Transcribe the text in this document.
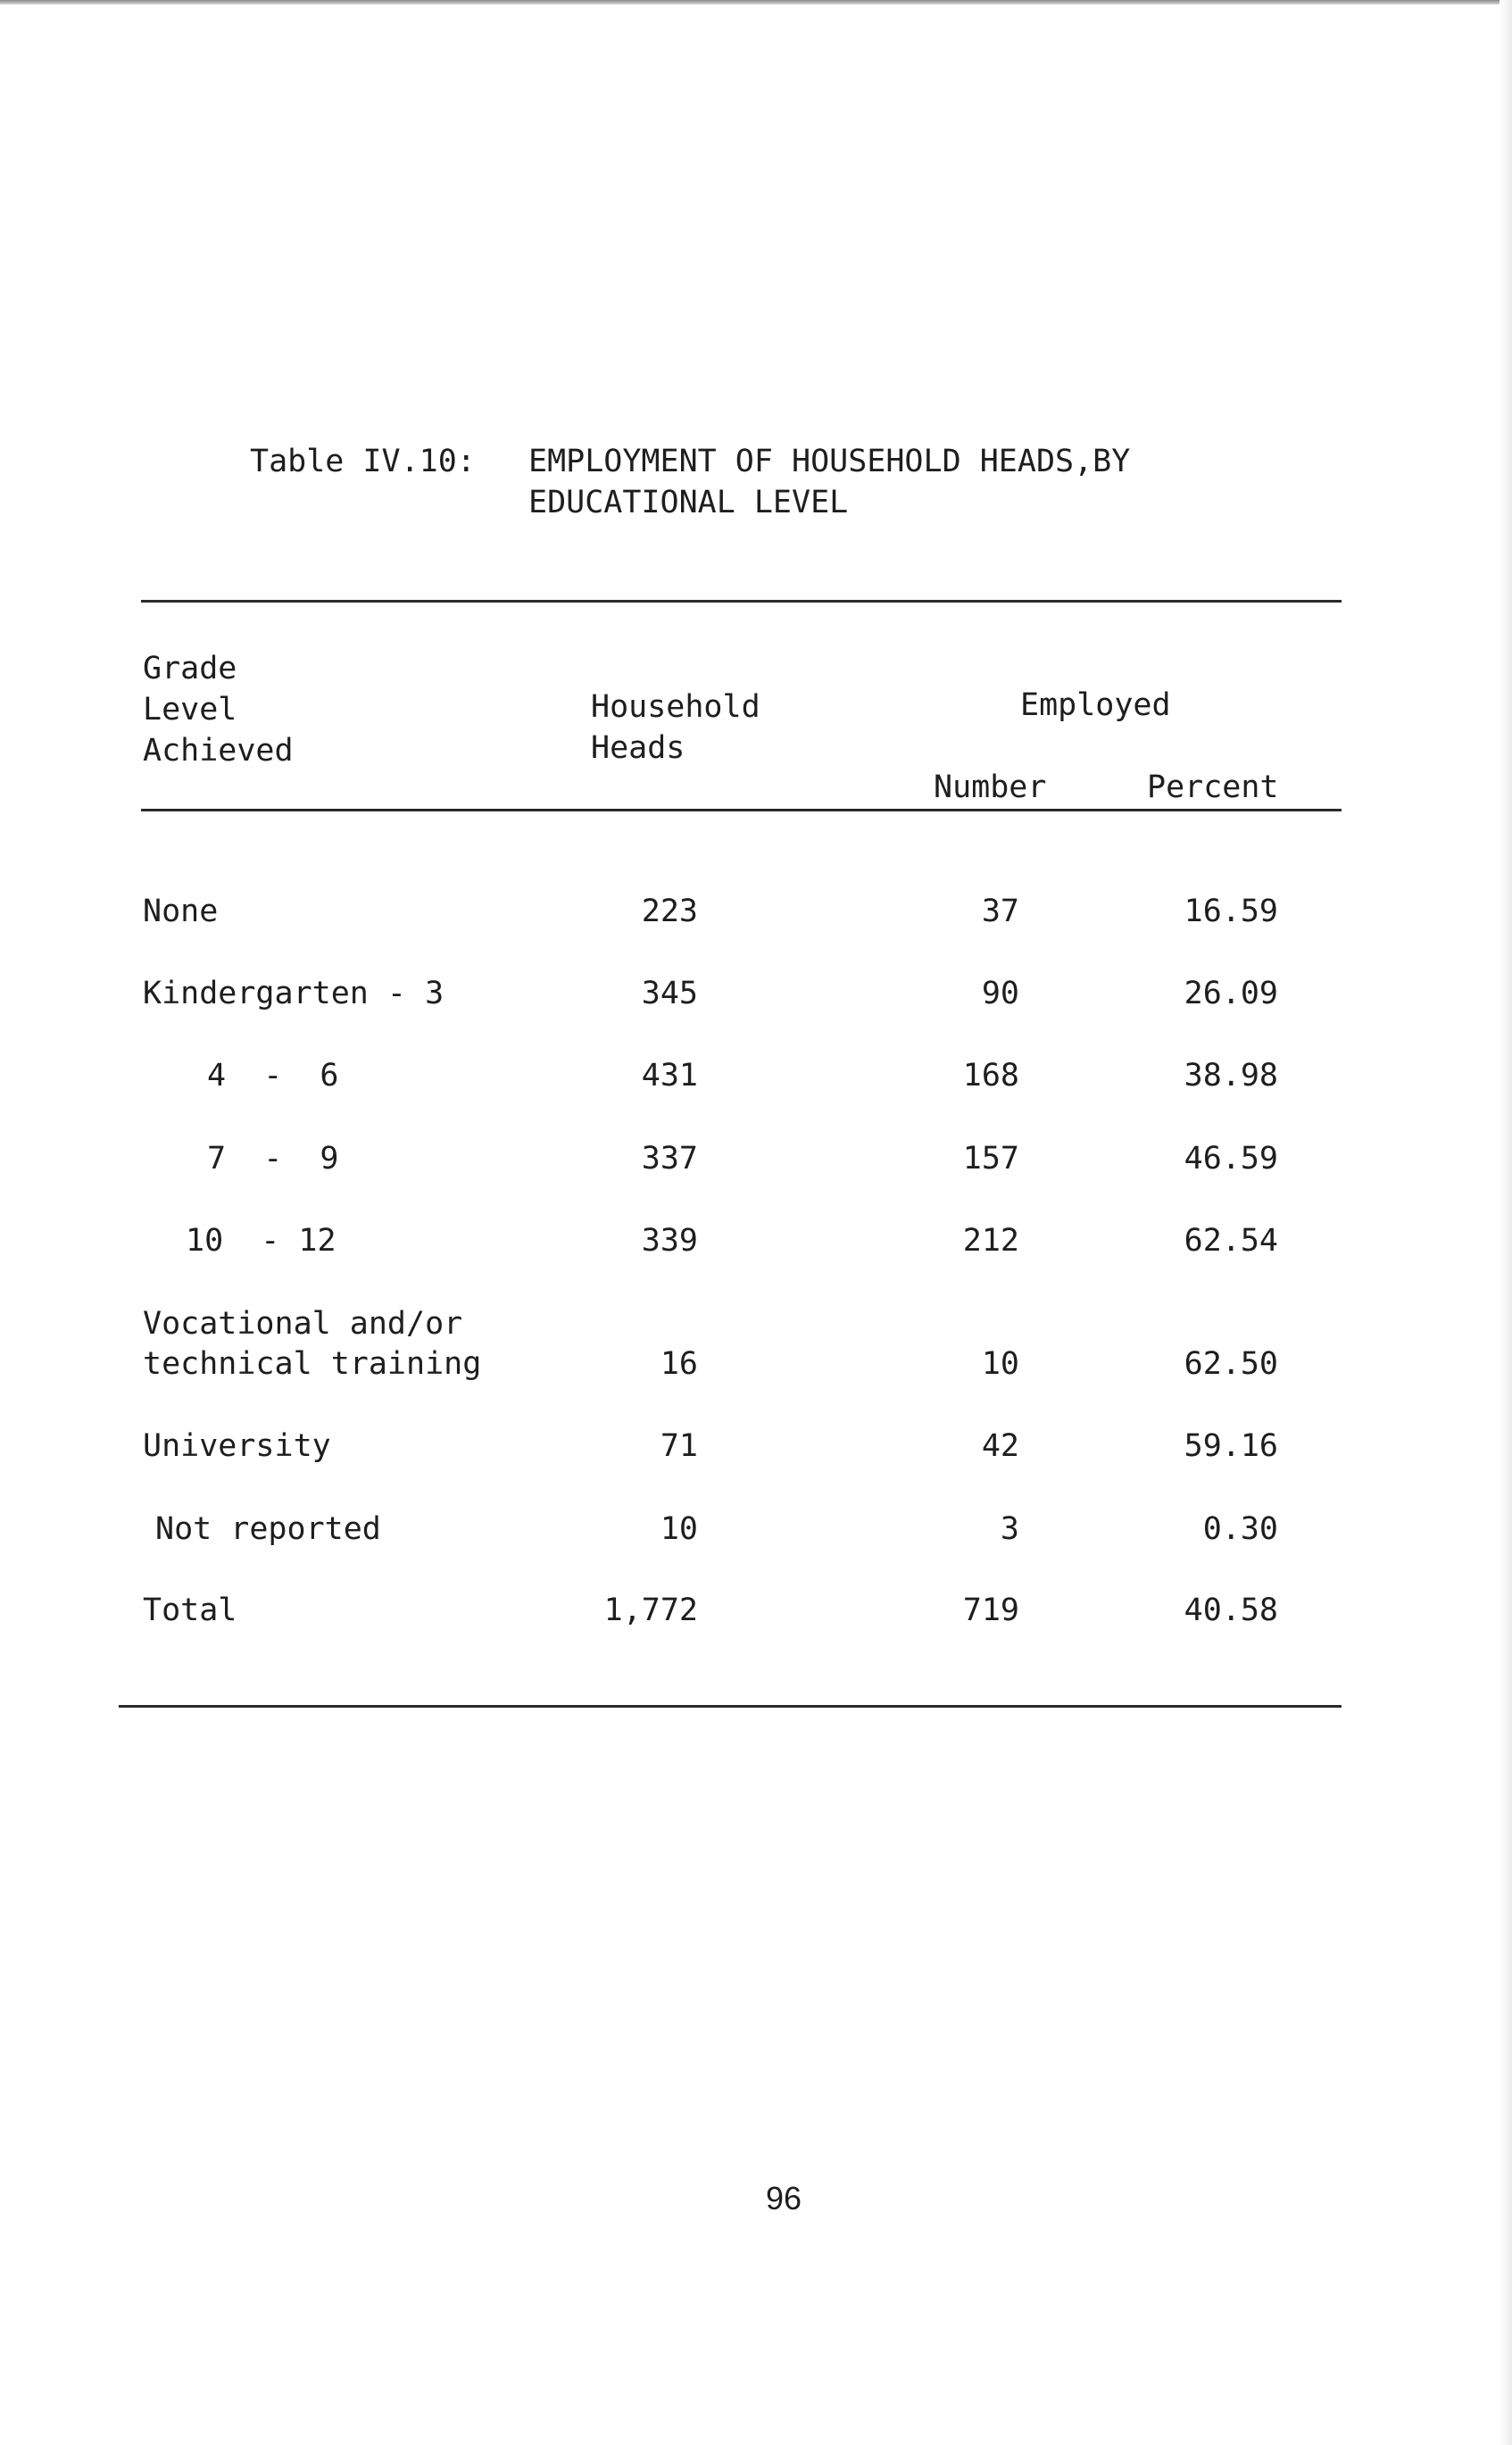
Table IV.10: EMPLOYMENT OF HOUSEHOLD HEADS,BY
EDUCATIONAL LEVEL
Grade
Level
Achieved
Household
Heads
Employed
Number	Percent
None	223	37	16.59
Kindergarten - 3	345	90	26.09
4  -  6	431	168	38.98
7  -  9	337	157	46.59
10  - 12	339	212	62.54
Vocational and/or
technical training	16	10	62.50
University	71	42	59.16
Not reported	10	3	0.30
Total	1,772	719	40.58
96
